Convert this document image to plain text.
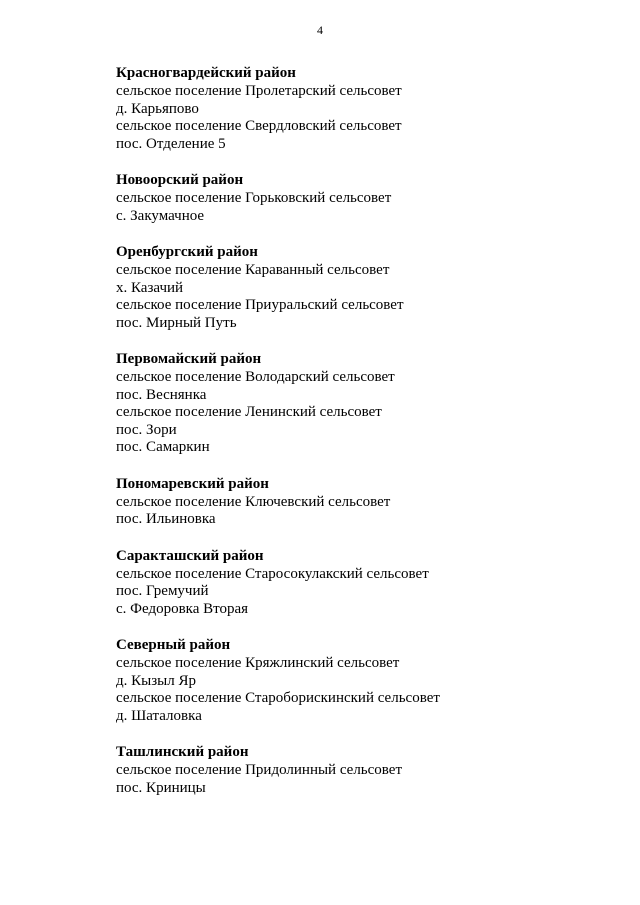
4
Красногвардейский район
сельское поселение Пролетарский сельсовет
д. Карьяпово
сельское поселение Свердловский сельсовет
пос. Отделение 5
Новоорский район
сельское поселение Горьковский сельсовет
с. Закумачное
Оренбургский район
сельское поселение Караванный сельсовет
х. Казачий
сельское поселение Приуральский сельсовет
пос. Мирный Путь
Первомайский район
сельское поселение Володарский сельсовет
пос. Веснянка
сельское поселение Ленинский сельсовет
пос. Зори
пос. Самаркин
Пономаревский район
сельское поселение Ключевский сельсовет
пос. Ильиновка
Саракташский район
сельское поселение Старосокулакский сельсовет
пос. Гремучий
с. Федоровка Вторая
Северный район
сельское поселение Кряжлинский сельсовет
д. Кызыл Яр
сельское поселение Староборискинский сельсовет
д. Шаталовка
Ташлинский район
сельское поселение Придолинный сельсовет
пос. Криницы
